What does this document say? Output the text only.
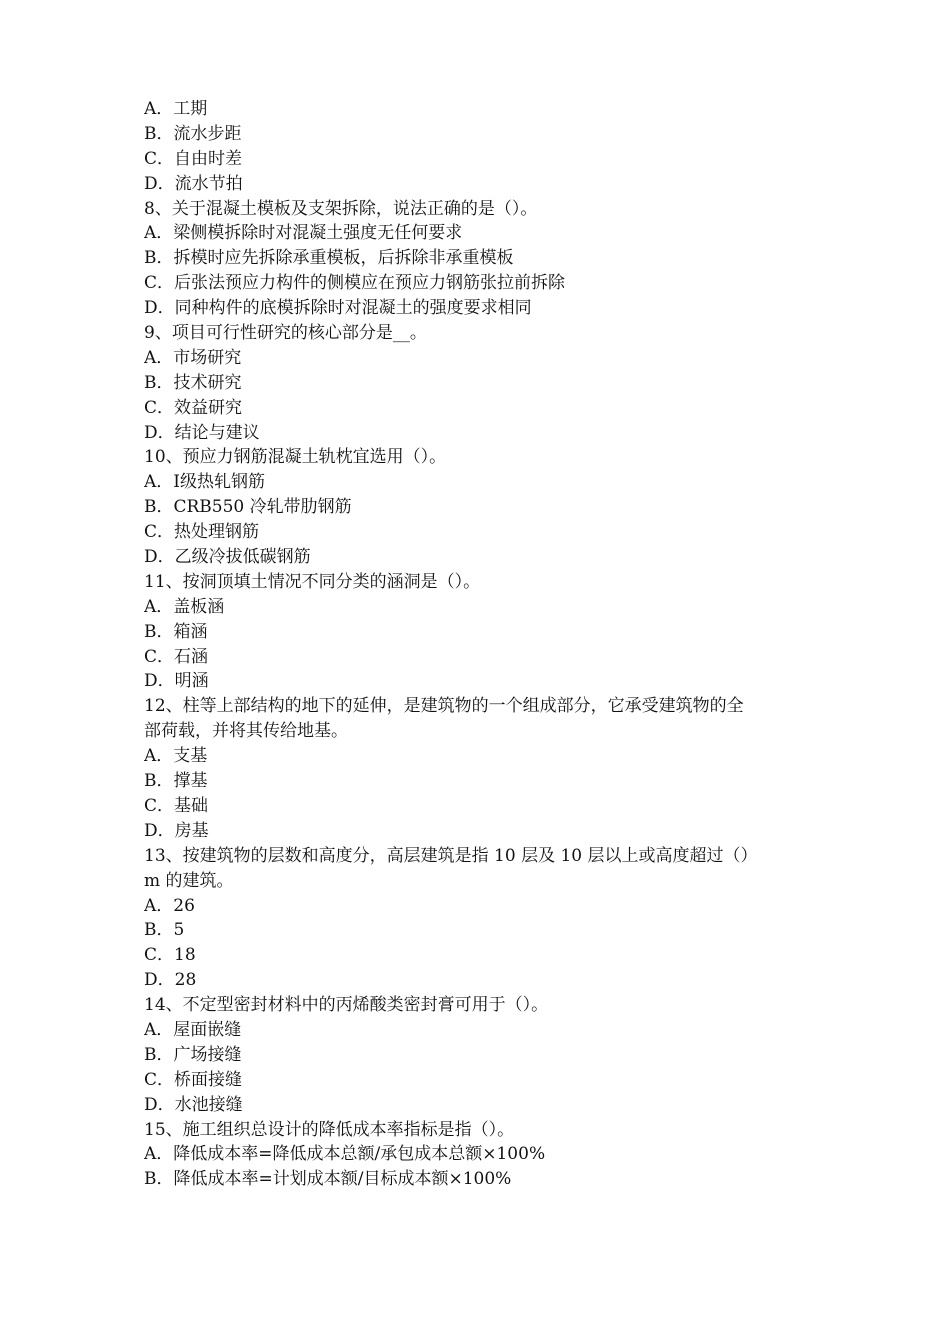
A．工期
B．流水步距
C．自由时差
D．流水节拍
8、关于混凝土模板及支架拆除，说法正确的是（）。
A．梁侧模拆除时对混凝土强度无任何要求
B．拆模时应先拆除承重模板，后拆除非承重模板
C．后张法预应力构件的侧模应在预应力钢筋张拉前拆除
D．同种构件的底模拆除时对混凝土的强度要求相同
9、项目可行性研究的核心部分是__。
A．市场研究
B．技术研究
C．效益研究
D．结论与建议
10、预应力钢筋混凝土轨枕宜选用（）。
A．Ⅰ级热轧钢筋
B．CRB550 冷轧带肋钢筋
C．热处理钢筋
D．乙级冷拔低碳钢筋
11、按洞顶填土情况不同分类的涵洞是（）。
A．盖板涵
B．箱涵
C．石涵
D．明涵
12、柱等上部结构的地下的延伸，是建筑物的一个组成部分，它承受建筑物的全
部荷载，并将其传给地基。
A．支基
B．撑基
C．基础
D．房基
13、按建筑物的层数和高度分，高层建筑是指 10 层及 10 层以上或高度超过（）
m 的建筑。
A．26
B．5
C．18
D．28
14、不定型密封材料中的丙烯酸类密封膏可用于（）。
A．屋面嵌缝
B．广场接缝
C．桥面接缝
D．水池接缝
15、施工组织总设计的降低成本率指标是指（）。
A．降低成本率=降低成本总额/承包成本总额×100%
B．降低成本率=计划成本额/目标成本额×100%
